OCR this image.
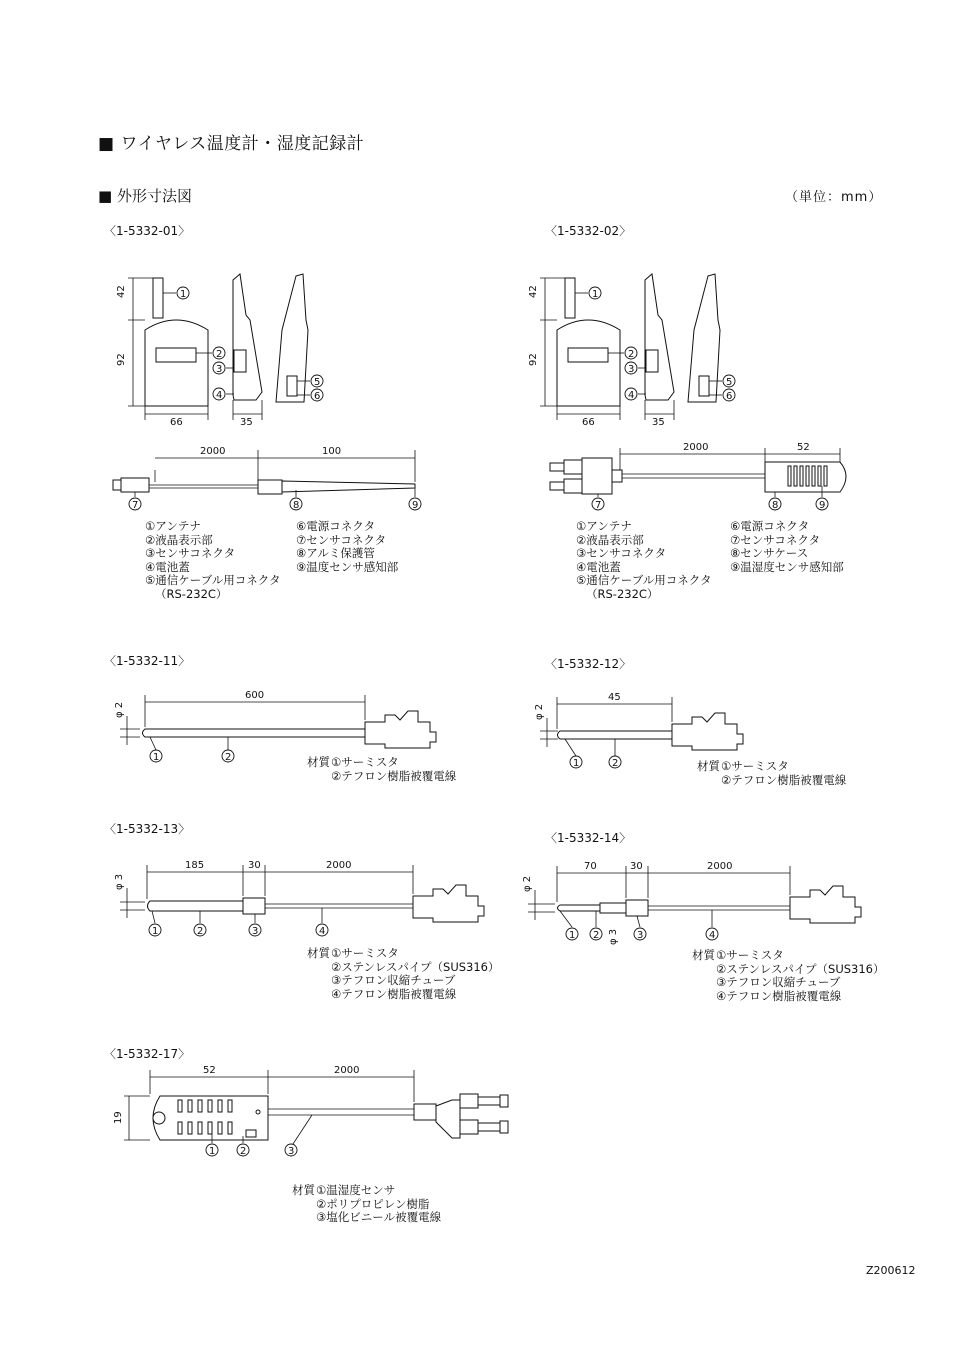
■ ワイヤレス温度計・湿度記録計
■ 外形寸法図	（単位：mm）
〈1-5332-01〉	〈1-5332-02〉
〈1-5332-11〉	〈1-5332-12〉
〈1-5332-13〉
〈1-5332-14〉
〈1-5332-17〉
42
92
66	35
1
2
3
4
5
6
2000	100
7	8	9
42
92
66	35
1
2
3
4
5
6
2000	52
7	8	9
φ 2
600
1	2
φ 2
45
1	2
φ 3
185	30	2000
1	2	3	4
φ 2
70	30	2000
φ 3
1 2	3	4
52	2000
19
1 2	3
①アンテナ
②液晶表示部
③センサコネクタ
④電池蓋
⑤通信ケーブル用コネクタ
（RS-232C）
⑥電源コネクタ
⑦センサコネクタ
⑧アルミ保護管
⑨温度センサ感知部
①アンテナ
②液晶表示部
③センサコネクタ
④電池蓋
⑤通信ケーブル用コネクタ
（RS-232C）
⑥電源コネクタ
⑦センサコネクタ
⑧センサケース
⑨温湿度センサ感知部
材質 ①サーミスタ
②テフロン樹脂被覆電線
材質 ①サーミスタ
②テフロン樹脂被覆電線
材質 ①サーミスタ
②ステンレスパイプ（SUS316）
③テフロン収縮チューブ
④テフロン樹脂被覆電線
材質 ①サーミスタ
②ステンレスパイプ（SUS316）
③テフロン収縮チューブ
④テフロン樹脂被覆電線
材質 ①温湿度センサ
②ポリプロピレン樹脂
③塩化ビニール被覆電線
Z200612
